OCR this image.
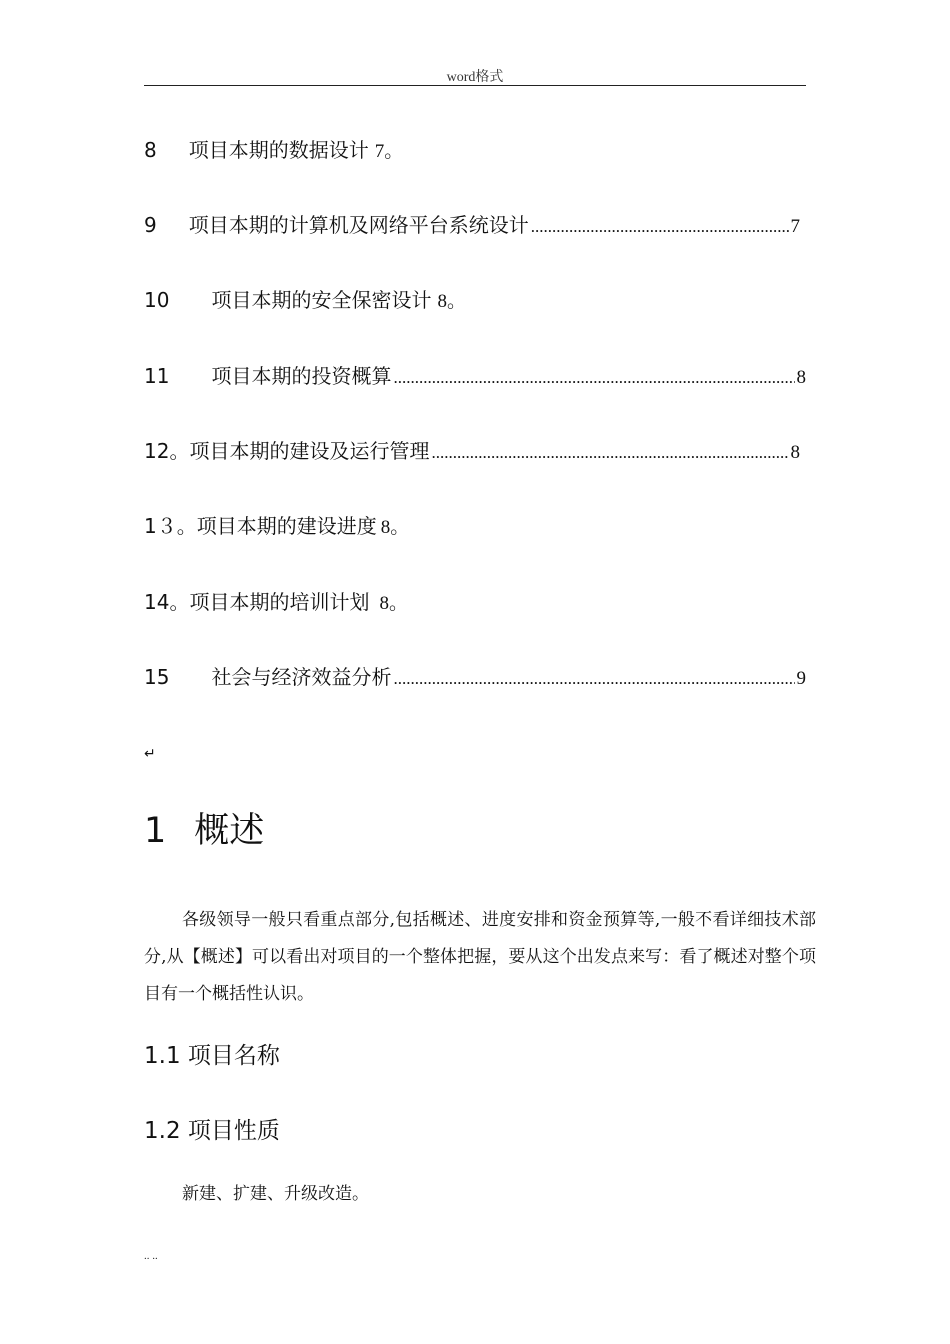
word格式
8 项目本期的数据设计 7。
9 项目本期的计算机及网络平台系统设计 .....	7
10 项目本期的安全保密设计 8。
11 项目本期的投资概算 .....	8
12。 项目本期的建设及运行管理 .....	8
1３。项目本期的建设进度 8。
14。项目本期的培训计划 8。
15 社会与经济效益分析 .....	9
↵
1 概述
各级领导一般只看重点部分,包括概述、进度安排和资金预算等,一般不看详细技术部分,从【概述】可以看出对项目的一个整体把握，要从这个出发点来写：看了概述对整个项目有一个概括性认识。
1.1 项目名称
1.2 项目性质
新建、扩建、升级改造。
.. ..
